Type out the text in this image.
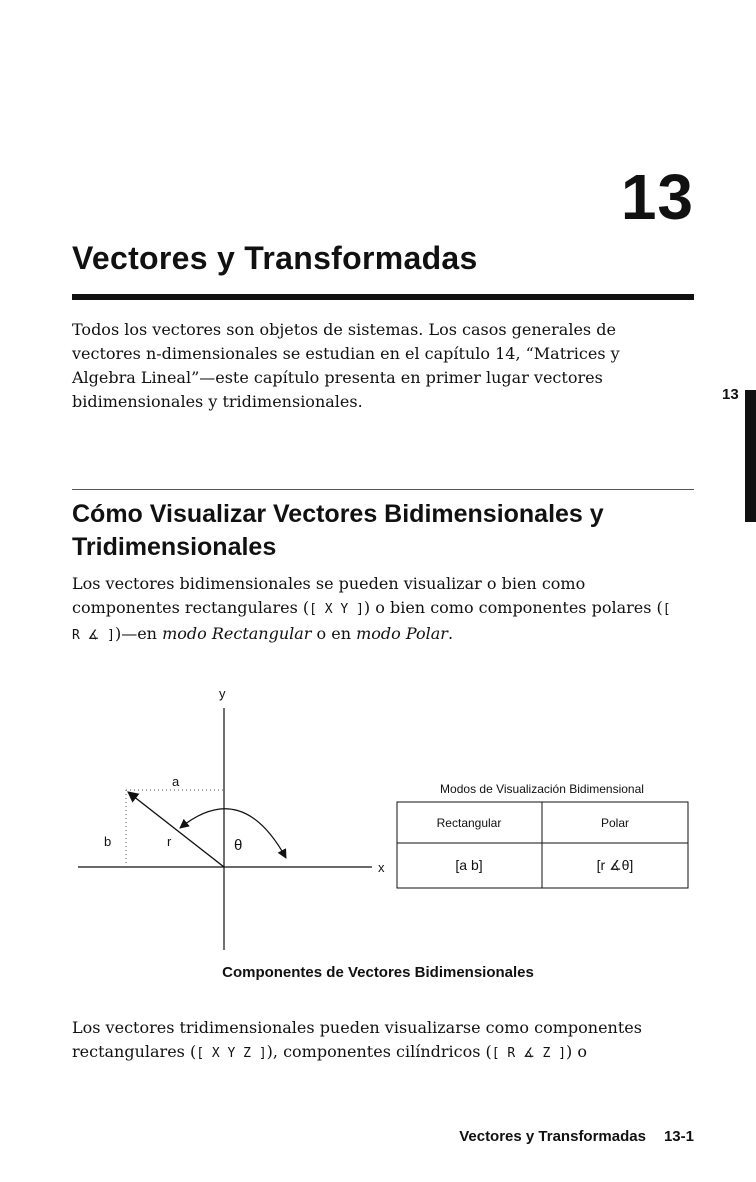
13
Vectores y Transformadas

Todos los vectores son objetos de sistemas. Los casos generales de vectores n-dimensionales se estudian en el capítulo 14, “Matrices y Algebra Lineal”—este capítulo presenta en primer lugar vectores bidimensionales y tridimensionales.	13

Cómo Visualizar Vectores Bidimensionales y Tridimensionales

Los vectores bidimensionales se pueden visualizar o bien como componentes rectangulares ([ X Y ]) o bien como componentes polares ([ R ∡ ])—en modo Rectangular o en modo Polar.

y
x
a
b	r	θ
Modos de Visualización Bidimensional
Rectangular	Polar
[a b]	[r ∡θ]

Componentes de Vectores Bidimensionales

Los vectores tridimensionales pueden visualizarse como componentes rectangulares ([ X Y Z ]), componentes cilíndricos ([ R ∡ Z ]) o

Vectores y Transformadas 13-1
